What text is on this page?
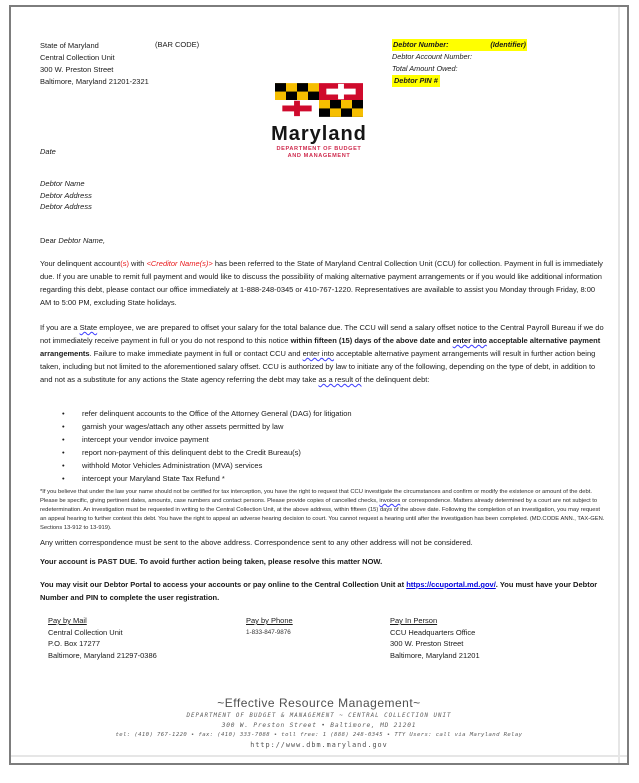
State of Maryland
Central Collection Unit
300 W. Preston Street
Baltimore, Maryland 21201-2321
(BAR CODE)	Debtor Number:	(Identifier)
Debtor Account Number:
Total Amount Owed:
Debtor PIN #
Maryland
DEPARTMENT OF BUDGET
AND MANAGEMENT
Date
Debtor Name
Debtor Address
Debtor Address
Dear Debtor Name,
Your delinquent account(s) with <Creditor Name(s)> has been referred to the State of Maryland Central Collection Unit (CCU) for collection. Payment in full is immediately due. If you are unable to remit full payment and would like to discuss the possibility of making alternative payment arrangements or if you would like additional information regarding this debt, please contact our office immediately at 1-888-248-0345 or 410-767-1220. Representatives are available to assist you Monday through Friday, 8:00 AM to 5:00 PM, excluding State holidays.
If you are a State employee, we are prepared to offset your salary for the total balance due. The CCU will send a salary offset notice to the Central Payroll Bureau if we do not immediately receive payment in full or you do not respond to this notice within fifteen (15) days of the above date and enter into acceptable alternative payment arrangements. Failure to make immediate payment in full or contact CCU and enter into acceptable alternative payment arrangements will result in further action being taken, including but not limited to the aforementioned salary offset. CCU is authorized by law to initiate any of the following, depending on the type of debt, in addition to and not as a substitute for any actions the State agency referring the debt may take as a result of the delinquent debt:
•	refer delinquent accounts to the Office of the Attorney General (DAG) for litigation
•	garnish your wages/attach any other assets permitted by law
•	intercept your vendor invoice payment
•	report non-payment of this delinquent debt to the Credit Bureau(s)
•	withhold Motor Vehicles Administration (MVA) services
•	intercept your Maryland State Tax Refund *
*If you believe that under the law your name should not be certified for tax interception, you have the right to request that CCU investigate the circumstances and confirm or modify the existence or amount of the debt. Please be specific, giving pertinent dates, amounts, case numbers and contact persons. Please provide copies of cancelled checks, invoices or correspondence. Matters already determined by a court are not subject to redetermination. An investigation must be requested in writing to the Central Collection Unit, at the above address, within fifteen (15) days of the above date. Following the completion of an investigation, you may request an appeal hearing to further contest this debt. You have the right to appeal an adverse hearing decision to court. You cannot request a hearing until after the investigation has been completed. (MD.CODE ANN., TAX-GEN. Sections 13-912 to 13-919).
Any written correspondence must be sent to the above address. Correspondence sent to any other address will not be considered.
Your account is PAST DUE. To avoid further action being taken, please resolve this matter NOW.
You may visit our Debtor Portal to access your accounts or pay online to the Central Collection Unit at https://ccuportal.md.gov/. You must have your Debtor Number and PIN to complete the user registration.
Pay by Mail
Central Collection Unit
P.O. Box 17277
Baltimore, Maryland 21297-0386
Pay by Phone
1-833-847-9876
Pay In Person
CCU Headquarters Office
300 W. Preston Street
Baltimore, Maryland 21201
~Effective Resource Management~
DEPARTMENT OF BUDGET & MANAGEMENT ~ CENTRAL COLLECTION UNIT
300 W. Preston Street • Baltimore, MD 21201
tel: (410) 767-1220 • fax: (410) 333-7088 • toll free: 1 (888) 248-0345 • TTY Users: call via Maryland Relay
http://www.dbm.maryland.gov
